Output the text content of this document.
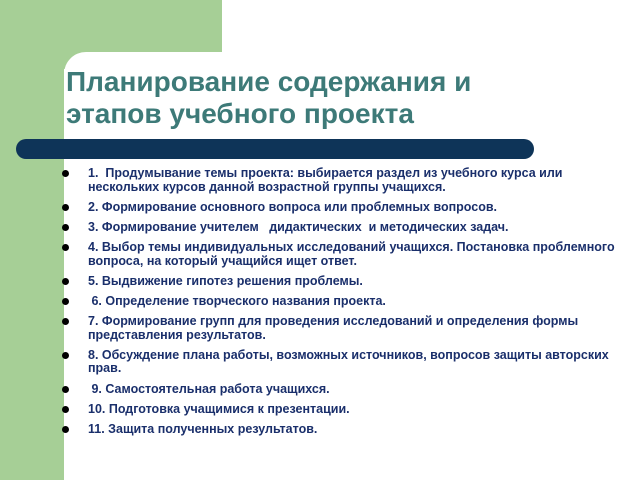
Планирование содержания и
этапов учебного проекта
1.  Продумывание темы проекта: выбирается раздел из учебного курса или нескольких курсов данной возрастной группы учащихся.
2. Формирование основного вопроса или проблемных вопросов.
3. Формирование учителем   дидактических  и методических задач.
4. Выбор темы индивидуальных исследований учащихся. Постановка проблемного вопроса, на который учащийся ищет ответ.
5. Выдвижение гипотез решения проблемы.
6. Определение творческого названия проекта.
7. Формирование групп для проведения исследований и определения формы представления результатов.
8. Обсуждение плана работы, возможных источников, вопросов защиты авторских прав.
9. Самостоятельная работа учащихся.
10. Подготовка учащимися к презентации.
11. Защита полученных результатов.
